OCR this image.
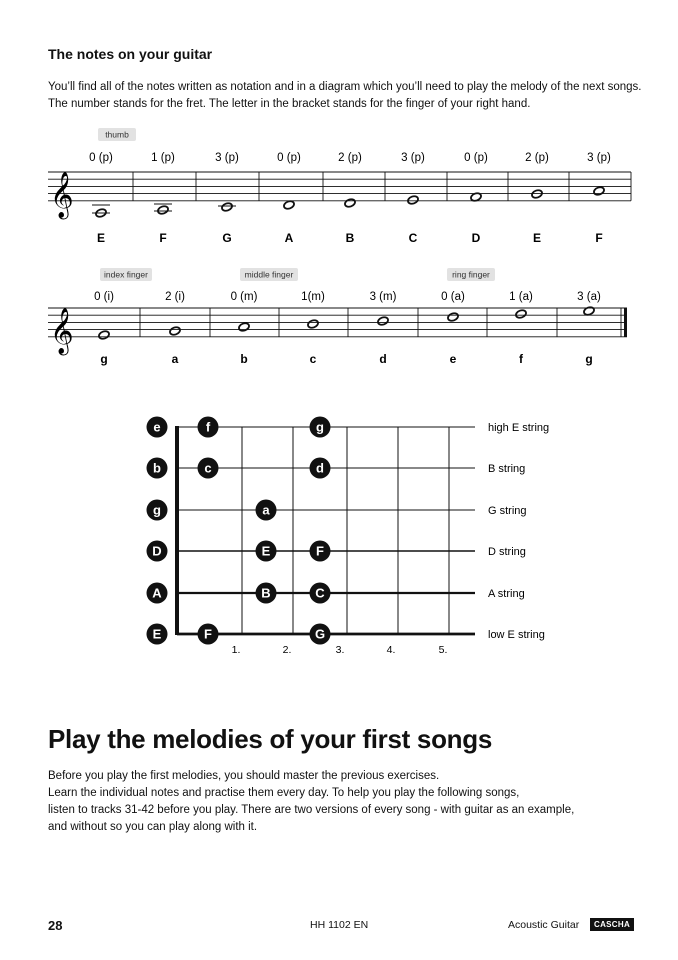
The notes on your guitar
You’ll find all of the notes written as notation and in a diagram which you’ll need to play the melody of the next songs. The number stands for the fret. The letter in the bracket stands for the finger of your right hand.
𝄞
0 (p)
E
1 (p)
F
3 (p)
G
0 (p)
A
2 (p)
B
3 (p)
C
0 (p)
D
2 (p)
E
3 (p)
F
thumb
𝄞
0 (i)
g
2 (i)
a
0 (m)
b
1(m)
c
3 (m)
d
0 (a)
e
1 (a)
f
3 (a)
g
index finger	middle finger	ring finger
e
b
g
D
A
E
f	g
c	d
a
E	F
B	C
F	G
high E string
B string
G string
D string
A string
low E string
1.	2.	3.	4.	5.
Play the melodies of your first songs
Before you play the first melodies, you should master the previous exercises.
Learn the individual notes and practise them every day. To help you play the following songs,
listen to tracks 31-42 before you play. There are two versions of every song - with guitar as an example,
and without so you can play along with it.
28	HH 1102 EN	Acoustic Guitar	CASCHA
